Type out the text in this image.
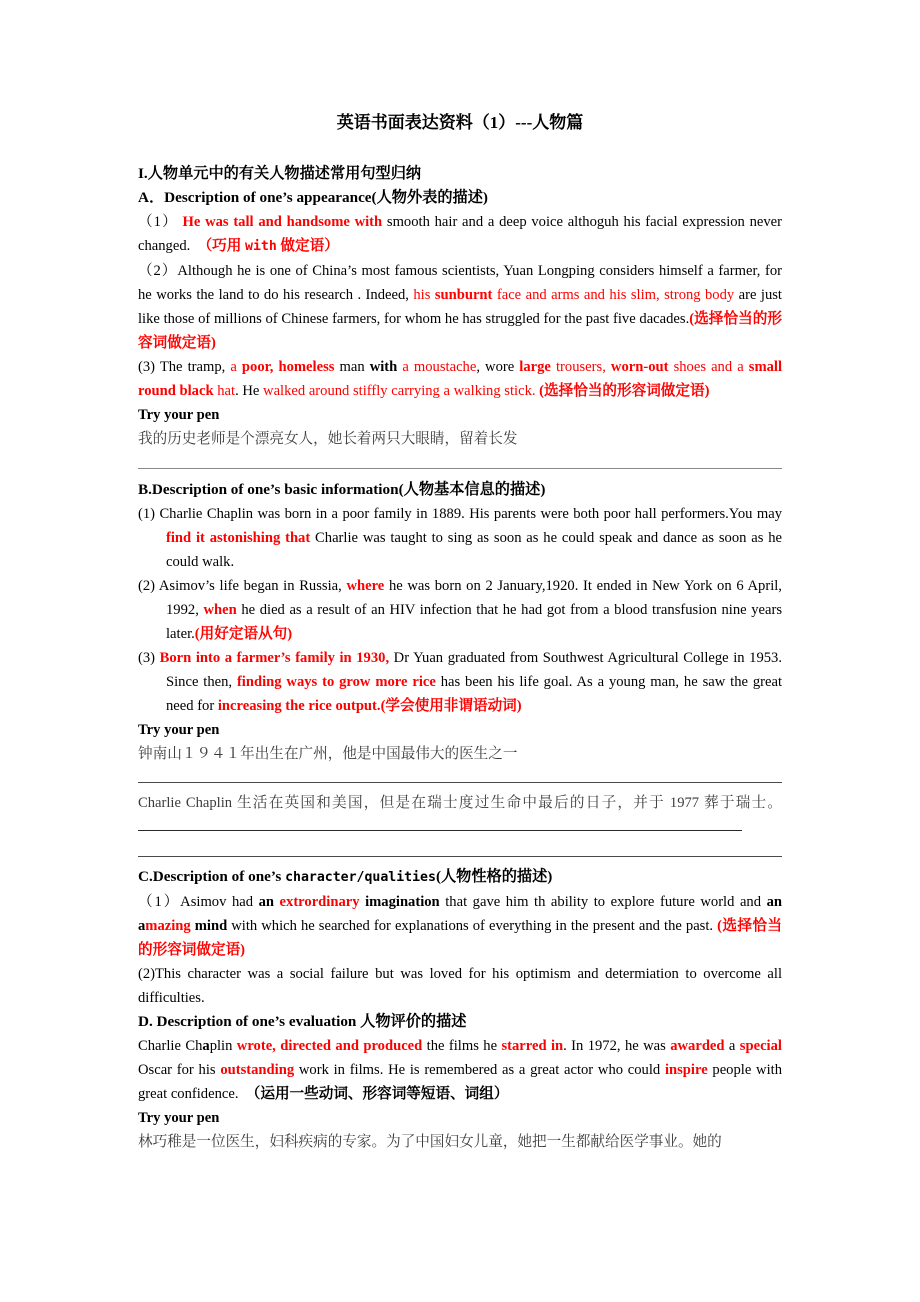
英语书面表达资料（1）---人物篇
I.人物单元中的有关人物描述常用句型归纳
A．Description of one’s appearance(人物外表的描述)
（1） He was tall and handsome with smooth hair and a deep voice althoguh his facial expression never changed.　（巧用 with 做定语）
（2）Although he is one of China’s most famous scientists, Yuan Longping considers himself a farmer, for he works the land to do his research . Indeed, his sunburnt face and arms and his slim, strong body are just like those of millions of Chinese farmers, for whom he has struggled for the past five dacades.(选择恰当的形容词做定语)
(3) The tramp, a poor, homeless man with a moustache, wore large trousers, worn-out shoes and a small round black hat. He walked around stiffly carrying a walking stick. (选择恰当的形容词做定语)
Try your pen
我的历史老师是个漂亮女人，她长着两只大眼睛，留着长发
B.Description of one’s basic information(人物基本信息的描述)
(1) Charlie Chaplin was born in a poor family in 1889. His parents were both poor hall performers.You may find it astonishing that Charlie was taught to sing as soon as he could speak and dance as soon as he could walk.
(2) Asimov’s life began in Russia, where he was born on 2 January,1920. It ended in New York on 6 April, 1992, when he died as a result of an HIV infection that he had got from a blood transfusion nine years later.(用好定语从句)
(3) Born into a farmer’s family in 1930, Dr Yuan graduated from Southwest Agricultural College in 1953. Since then, finding ways to grow more rice has been his life goal. As a young man, he saw the great need for increasing the rice output.(学会使用非谓语动词)
Try your pen
钟南山１９４１年出生在广州，他是中国最伟大的医生之一
Charlie Chaplin 生活在英国和美国，但是在瑞士度过生命中最后的日子，并于 1977 葬于瑞士。
C.Description of one’s character/qualities(人物性格的描述)
（1）Asimov had an extrordinary imagination that gave him th ability to explore future world and an amazing mind with which he searched for explanations of everything in the present and the past. (选择恰当的形容词做定语)
(2)This character was a social failure but was loved for his optimism and determiation to overcome all difficulties.
D. Description of one’s evaluation 人物评价的描述
Charlie Chaplin wrote, directed and produced the films he starred in. In 1972, he was awarded a special Oscar for his outstanding work in films. He is remembered as a great actor who could inspire people with great confidence.　（运用一些动词、形容词等短语、词组）
Try your pen
林巧稚是一位医生，妇科疾病的专家。为了中国妇女儿童，她把一生都献给医学事业。她的
